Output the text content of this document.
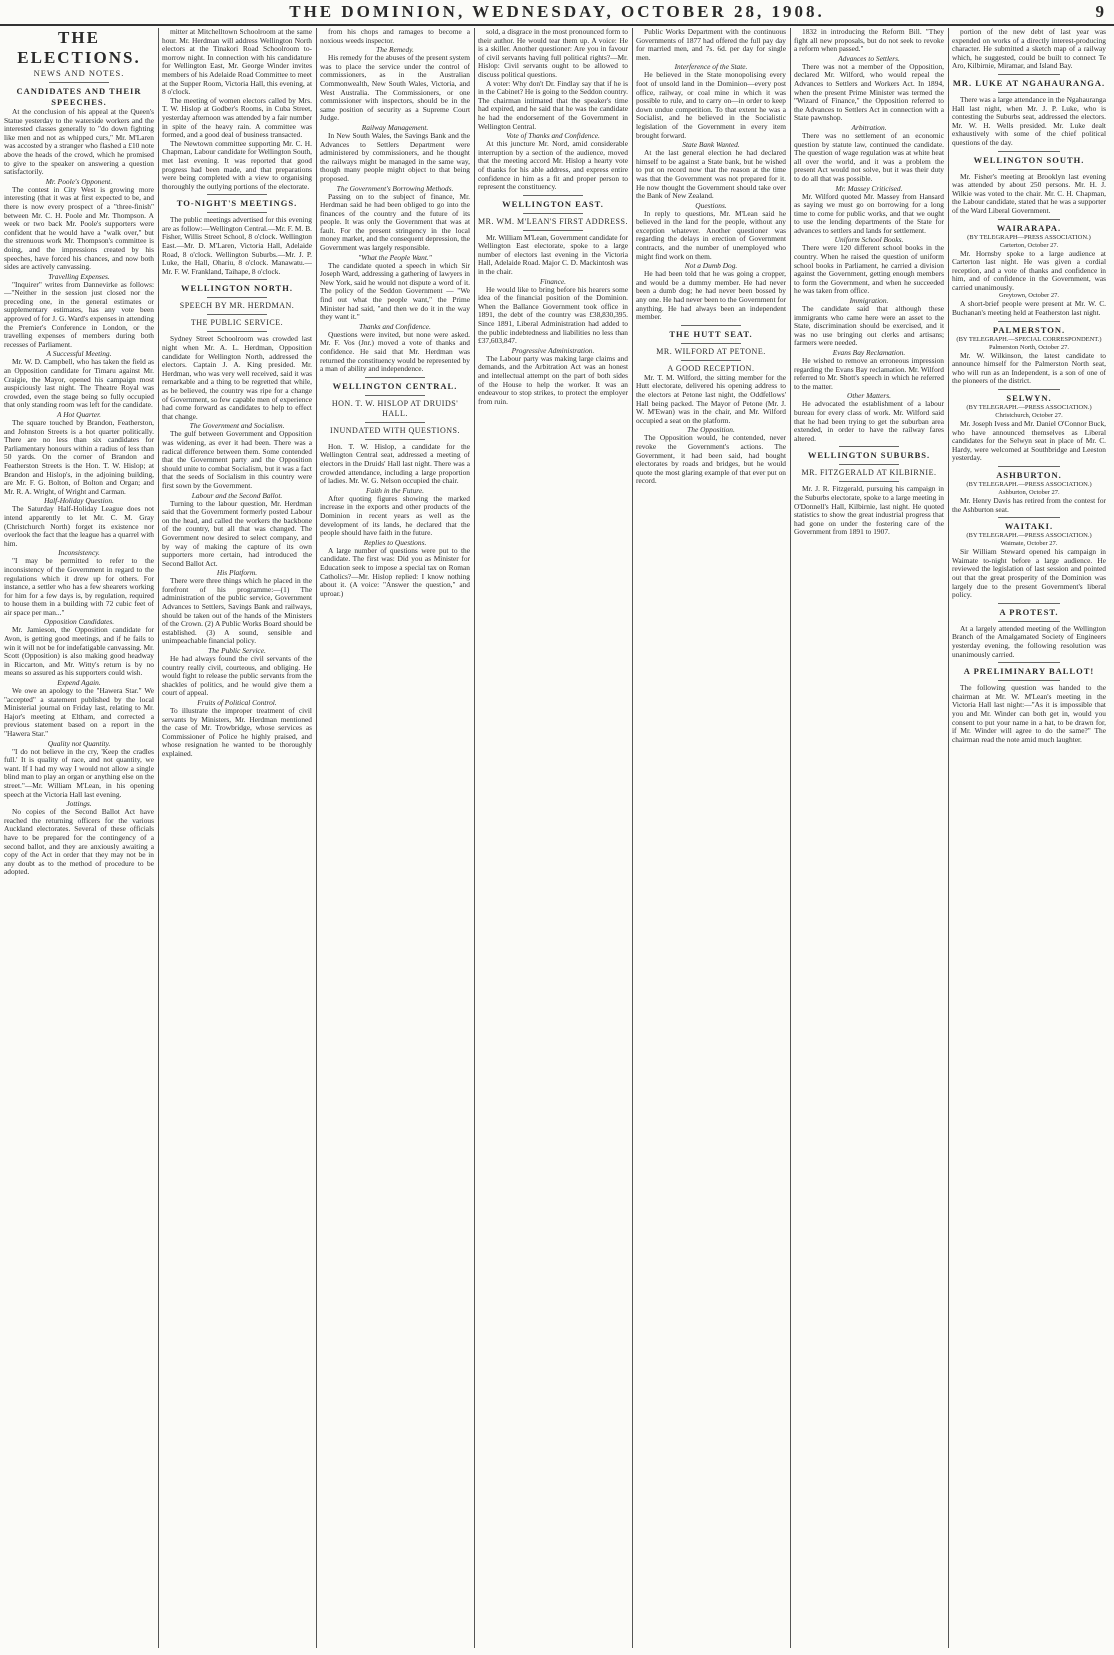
THE DOMINION, WEDNESDAY, OCTOBER 28, 1908.	9

THE ELECTIONS.

NEWS AND NOTES.

CANDIDATES AND THEIR SPEECHES.

At the conclusion of his appeal at the Queen's Statue yesterday to the waterside workers and the interested classes generally to "do down fighting like men and not as whipped curs," Mr. M'Laren was accosted by a stranger who flashed a £10 note above the heads of the crowd, which he promised to give to the speaker on answering a question satisfactorily.

Mr. Poole's Opponent.

The contest in City West is growing more interesting (that it was at first expected to be, and there is now every prospect of a "three-finish" between Mr. C. H. Poole and Mr. Thompson. A week or two back Mr. Poole's supporters were confident that he would have a "walk over," but the strenuous work Mr. Thompson's committee is doing, and the impressions created by his speeches, have forced his chances, and now both sides are actively canvassing.

Travelling Expenses.

"Inquirer" writes from Dannevirke as follows:—"Neither in the session just closed nor the preceding one, in the general estimates or supplementary estimates, has any vote been approved of for J. G. Ward's expenses in attending the Premier's Conference in London, or the travelling expenses of members during both recesses of Parliament.

A Successful Meeting.

Mr. W. D. Campbell, who has taken the field as an Opposition candidate for Timaru against Mr. Craigie, the Mayor, opened his campaign most auspiciously last night. The Theatre Royal was crowded, even the stage being so fully occupied that only standing room was left for the candidate.

A Hot Quarter.

The square touched by Brandon, Featherston, and Johnston Streets is a hot quarter politically. There are no less than six candidates for Parliamentary honours within a radius of less than 50 yards. On the corner of Brandon and Featherston Streets is the Hon. T. W. Hislop; at Brandon and Hislop's, in the adjoining building, are Mr. F. G. Bolton, of Bolton and Organ; and Mr. R. A. Wright, of Wright and Carman.

Half-Holiday Question.

The Saturday Half-Holiday League does not intend apparently to let Mr. C. M. Gray (Christchurch North) forget its existence nor overlook the fact that the league has a quarrel with him.

Inconsistency.

"I may be permitted to refer to the inconsistency of the Government in regard to the regulations which it drew up for others. For instance, a settler who has a few shearers working for him for a few days is, by regulation, required to house them in a building with 72 cubic feet of air space per man..."

Opposition Candidates.

Mr. Jamieson, the Opposition candidate for Avon, is getting good meetings, and if he fails to win it will not be for indefatigable canvassing. Mr. Scott (Opposition) is also making good headway in Riccarton, and Mr. Witty's return is by no means so assured as his supporters could wish.

Expend Again.

We owe an apology to the "Hawera Star." We "accepted" a statement published by the local Ministerial journal on Friday last, relating to Mr. Hajor's meeting at Eltham, and corrected a previous statement based on a report in the "Hawera Star."

Quality not Quantity.

"I do not believe in the cry, 'Keep the cradles full.' It is quality of race, and not quantity, we want. If I had my way I would not allow a single blind man to play an organ or anything else on the street."—Mr. William M'Lean, in his opening speech at the Victoria Hall last evening.

Jottings.

No copies of the Second Ballot Act have reached the returning officers for the various Auckland electorates. Several of these officials have to be prepared for the contingency of a second ballot, and they are anxiously awaiting a copy of the Act in order that they may not be in any doubt as to the method of procedure to be adopted.

mitter at Mitchelltown Schoolroom at the same hour. Mr. Herdman will address Wellington North electors at the Tinakori Road Schoolroom to-morrow night. In connection with his candidature for Wellington East, Mr. George Winder invites members of his Adelaide Road Committee to meet at the Supper Room, Victoria Hall, this evening, at 8 o'clock.

The meeting of women electors called by Mrs. T. W. Hislop at Godber's Rooms, in Cuba Street, yesterday afternoon was attended by a fair number in spite of the heavy rain. A committee was formed, and a good deal of business transacted.

The Newtown committee supporting Mr. C. H. Chapman, Labour candidate for Wellington South, met last evening. It was reported that good progress had been made, and that preparations were being completed with a view to organising thoroughly the outlying portions of the electorate.

TO-NIGHT'S MEETINGS.

The public meetings advertised for this evening are as follow:—Wellington Central.—Mr. F. M. B. Fisher, Willis Street School, 8 o'clock. Wellington East.—Mr. D. M'Laren, Victoria Hall, Adelaide Road, 8 o'clock. Wellington Suburbs.—Mr. J. P. Luke, the Hall, Ohariu, 8 o'clock. Manawatu.—Mr. F. W. Frankland, Taihape, 8 o'clock.

WELLINGTON NORTH.

SPEECH BY MR. HERDMAN.

THE PUBLIC SERVICE.

Sydney Street Schoolroom was crowded last night when Mr. A. L. Herdman, Opposition candidate for Wellington North, addressed the electors. Captain J. A. King presided. Mr. Herdman, who was very well received, said it was remarkable and a thing to be regretted that while, as he believed, the country was ripe for a change of Government, so few capable men of experience had come forward as candidates to help to effect that change.

The Government and Socialism.

The gulf between Government and Opposition was widening, as ever it had been. There was a radical difference between them. Some contended that the Government party and the Opposition should unite to combat Socialism, but it was a fact that the seeds of Socialism in this country were first sown by the Government.

Labour and the Second Ballot.

Turning to the labour question, Mr. Herdman said that the Government formerly posted Labour on the head, and called the workers the backbone of the country, but all that was changed. The Government now desired to select company, and by way of making the capture of its own supporters more certain, had introduced the Second Ballot Act.

His Platform.

There were three things which he placed in the forefront of his programme:—(1) The administration of the public service, Government Advances to Settlers, Savings Bank and railways, should be taken out of the hands of the Ministers of the Crown. (2) A Public Works Board should be established. (3) A sound, sensible and unimpeachable financial policy.

The Public Service.

He had always found the civil servants of the country really civil, courteous, and obliging. He would fight to release the public servants from the shackles of politics, and he would give them a court of appeal.

Fruits of Political Control.

To illustrate the improper treatment of civil servants by Ministers, Mr. Herdman mentioned the case of Mr. Trowbridge, whose services as Commissioner of Police he highly praised, and whose resignation he wanted to be thoroughly explained.

from his chops and ramages to become a noxious weeds inspector.

The Remedy.

His remedy for the abuses of the present system was to place the service under the control of commissioners, as in the Australian Commonwealth, New South Wales, Victoria, and West Australia. The Commissioners, or one commissioner with inspectors, should be in the same position of security as a Supreme Court Judge.

Railway Management.

In New South Wales, the Savings Bank and the Advances to Settlers Department were administered by commissioners, and he thought the railways might be managed in the same way, though many people might object to that being proposed.

The Government's Borrowing Methods.

Passing on to the subject of finance, Mr. Herdman said he had been obliged to go into the finances of the country and the future of its people. It was only the Government that was at fault. For the present stringency in the local money market, and the consequent depression, the Government was largely responsible.

"What the People Want."

The candidate quoted a speech in which Sir Joseph Ward, addressing a gathering of lawyers in New York, said he would not dispute a word of it. The policy of the Seddon Government — "We find out what the people want," the Prime Minister had said, "and then we do it in the way they want it."

Thanks and Confidence.

Questions were invited, but none were asked. Mr. F. Vos (Jnr.) moved a vote of thanks and confidence. He said that Mr. Herdman was returned the constituency would be represented by a man of ability and independence.

WELLINGTON CENTRAL.

HON. T. W. HISLOP AT DRUIDS' HALL.

INUNDATED WITH QUESTIONS.

Hon. T. W. Hislop, a candidate for the Wellington Central seat, addressed a meeting of electors in the Druids' Hall last night. There was a crowded attendance, including a large proportion of ladies. Mr. W. G. Nelson occupied the chair.

Faith in the Future.

After quoting figures showing the marked increase in the exports and other products of the Dominion in recent years as well as the development of its lands, he declared that the people should have faith in the future.

Replies to Questions.

A large number of questions were put to the candidate. The first was: Did you as Minister for Education seek to impose a special tax on Roman Catholics?—Mr. Hislop replied: I know nothing about it. (A voice: "Answer the question," and uproar.)

sold, a disgrace in the most pronounced form to their author. He would tear them up. A voice: He is a skiller. Another questioner: Are you in favour of civil servants having full political rights?—Mr. Hislop: Civil servants ought to be allowed to discuss political questions.

A voter: Why don't Dr. Findlay say that if he is in the Cabinet? He is going to the Seddon country. The chairman intimated that the speaker's time had expired, and he said that he was the candidate he had the endorsement of the Government in Wellington Central.

Vote of Thanks and Confidence.

At this juncture Mr. Nord, amid considerable interruption by a section of the audience, moved that the meeting accord Mr. Hislop a hearty vote of thanks for his able address, and express entire confidence in him as a fit and proper person to represent the constituency.

WELLINGTON EAST.

MR. WM. M'LEAN'S FIRST ADDRESS.

Mr. William M'Lean, Government candidate for Wellington East electorate, spoke to a large number of electors last evening in the Victoria Hall, Adelaide Road. Major C. D. Mackintosh was in the chair.

Finance.

He would like to bring before his hearers some idea of the financial position of the Dominion. When the Ballance Government took office in 1891, the debt of the country was £38,830,395. Since 1891, Liberal Administration had added to the public indebtedness and liabilities no less than £37,603,847.

Progressive Administration.

The Labour party was making large claims and demands, and the Arbitration Act was an honest and intellectual attempt on the part of both sides of the House to help the worker. It was an endeavour to stop strikes, to protect the employer from ruin.

Public Works Department with the continuous Governments of 1877 had offered the full pay day for married men, and 7s. 6d. per day for single men.

Interference of the State.

He believed in the State monopolising every foot of unsold land in the Dominion—every post office, railway, or coal mine in which it was possible to rule, and to carry on—in order to keep down undue competition. To that extent he was a Socialist, and he believed in the Socialistic legislation of the Government in every item brought forward.

State Bank Wanted.

At the last general election he had declared himself to be against a State bank, but he wished to put on record now that the reason at the time was that the Government was not prepared for it. He now thought the Government should take over the Bank of New Zealand.

Questions.

In reply to questions, Mr. M'Lean said he believed in the land for the people, without any exception whatever. Another questioner was regarding the delays in erection of Government contracts, and the number of unemployed who might find work on them.

Not a Dumb Dog.

He had been told that he was going a cropper, and would be a dummy member. He had never been a dumb dog; he had never been bossed by any one. He had never been to the Government for anything. He had always been an independent member.

THE HUTT SEAT.

MR. WILFORD AT PETONE.

A GOOD RECEPTION.

Mr. T. M. Wilford, the sitting member for the Hutt electorate, delivered his opening address to the electors at Petone last night, the Oddfellows' Hall being packed. The Mayor of Petone (Mr. J. W. M'Ewan) was in the chair, and Mr. Wilford occupied a seat on the platform.

The Opposition.

The Opposition would, he contended, never revoke the Government's actions. The Government, it had been said, had bought electorates by roads and bridges, but he would quote the most glaring example of that ever put on record.

1832 in introducing the Reform Bill. "They fight all new proposals, but do not seek to revoke a reform when passed."

Advances to Settlers.

There was not a member of the Opposition, declared Mr. Wilford, who would repeal the Advances to Settlers and Workers Act. In 1894, when the present Prime Minister was termed the "Wizard of Finance," the Opposition referred to the Advances to Settlers Act in connection with a State pawnshop.

Arbitration.

There was no settlement of an economic question by statute law, continued the candidate. The question of wage regulation was at white heat all over the world, and it was a problem the present Act would not solve, but it was their duty to do all that was possible.

Mr. Massey Criticised.

Mr. Wilford quoted Mr. Massey from Hansard as saying we must go on borrowing for a long time to come for public works, and that we ought to use the lending departments of the State for advances to settlers and lands for settlement.

Uniform School Books.

There were 120 different school books in the country. When he raised the question of uniform school books in Parliament, he carried a division against the Government, getting enough members to form the Government, and when he succeeded he was taken from office.

Immigration.

The candidate said that although these immigrants who came here were an asset to the State, discrimination should be exercised, and it was no use bringing out clerks and artisans; farmers were needed.

Evans Bay Reclamation.

He wished to remove an erroneous impression regarding the Evans Bay reclamation. Mr. Wilford referred to Mr. Shott's speech in which he referred to the matter.

Other Matters.

He advocated the establishment of a labour bureau for every class of work. Mr. Wilford said that he had been trying to get the suburban area extended, in order to have the railway fares altered.

WELLINGTON SUBURBS.

MR. FITZGERALD AT KILBIRNIE.

Mr. J. R. Fitzgerald, pursuing his campaign in the Suburbs electorate, spoke to a large meeting in O'Donnell's Hall, Kilbirnie, last night. He quoted statistics to show the great industrial progress that had gone on under the fostering care of the Government from 1891 to 1907.

portion of the new debt of last year was expended on works of a directly interest-producing character. He submitted a sketch map of a railway which, he suggested, could be built to connect Te Aro, Kilbirnie, Miramar, and Island Bay.

MR. LUKE AT NGAHAURANGA.

There was a large attendance in the Ngahauranga Hall last night, when Mr. J. P. Luke, who is contesting the Suburbs seat, addressed the electors. Mr. W. H. Wells presided. Mr. Luke dealt exhaustively with some of the chief political questions of the day.

WELLINGTON SOUTH.

Mr. Fisher's meeting at Brooklyn last evening was attended by about 250 persons. Mr. H. J. Wilkie was voted to the chair. Mr. C. H. Chapman, the Labour candidate, stated that he was a supporter of the Ward Liberal Government.

WAIRARAPA.

(BY TELEGRAPH—PRESS ASSOCIATION.)

Carterton, October 27.

Mr. Hornsby spoke to a large audience at Carterton last night. He was given a cordial reception, and a vote of thanks and confidence in him, and of confidence in the Government, was carried unanimously.

Greytown, October 27.

A short-brief people were present at Mr. W. C. Buchanan's meeting held at Featherston last night.

PALMERSTON.

(BY TELEGRAPH.—SPECIAL CORRESPONDENT.)

Palmerston North, October 27.

Mr. W. Wilkinson, the latest candidate to announce himself for the Palmerston North seat, who will run as an Independent, is a son of one of the pioneers of the district.

SELWYN.

(BY TELEGRAPH.—PRESS ASSOCIATION.)

Christchurch, October 27.

Mr. Joseph Ivess and Mr. Daniel O'Connor Buck, who have announced themselves as Liberal candidates for the Selwyn seat in place of Mr. C. Hardy, were welcomed at Southbridge and Leeston yesterday.

ASHBURTON.

(BY TELEGRAPH.—PRESS ASSOCIATION.)

Ashburton, October 27.

Mr. Henry Davis has retired from the contest for the Ashburton seat.

WAITAKI.

(BY TELEGRAPH.—PRESS ASSOCIATION.)

Waimate, October 27.

Sir William Steward opened his campaign in Waimate to-night before a large audience. He reviewed the legislation of last session and pointed out that the great prosperity of the Dominion was largely due to the present Government's liberal policy.

A PROTEST.

At a largely attended meeting of the Wellington Branch of the Amalgamated Society of Engineers yesterday evening, the following resolution was unanimously carried.

A PRELIMINARY BALLOT!

The following question was handed to the chairman at Mr. W. M'Lean's meeting in the Victoria Hall last night:—"As it is impossible that you and Mr. Winder can both get in, would you consent to put your name in a hat, to be drawn for, if Mr. Winder will agree to do the same?" The chairman read the note amid much laughter.
